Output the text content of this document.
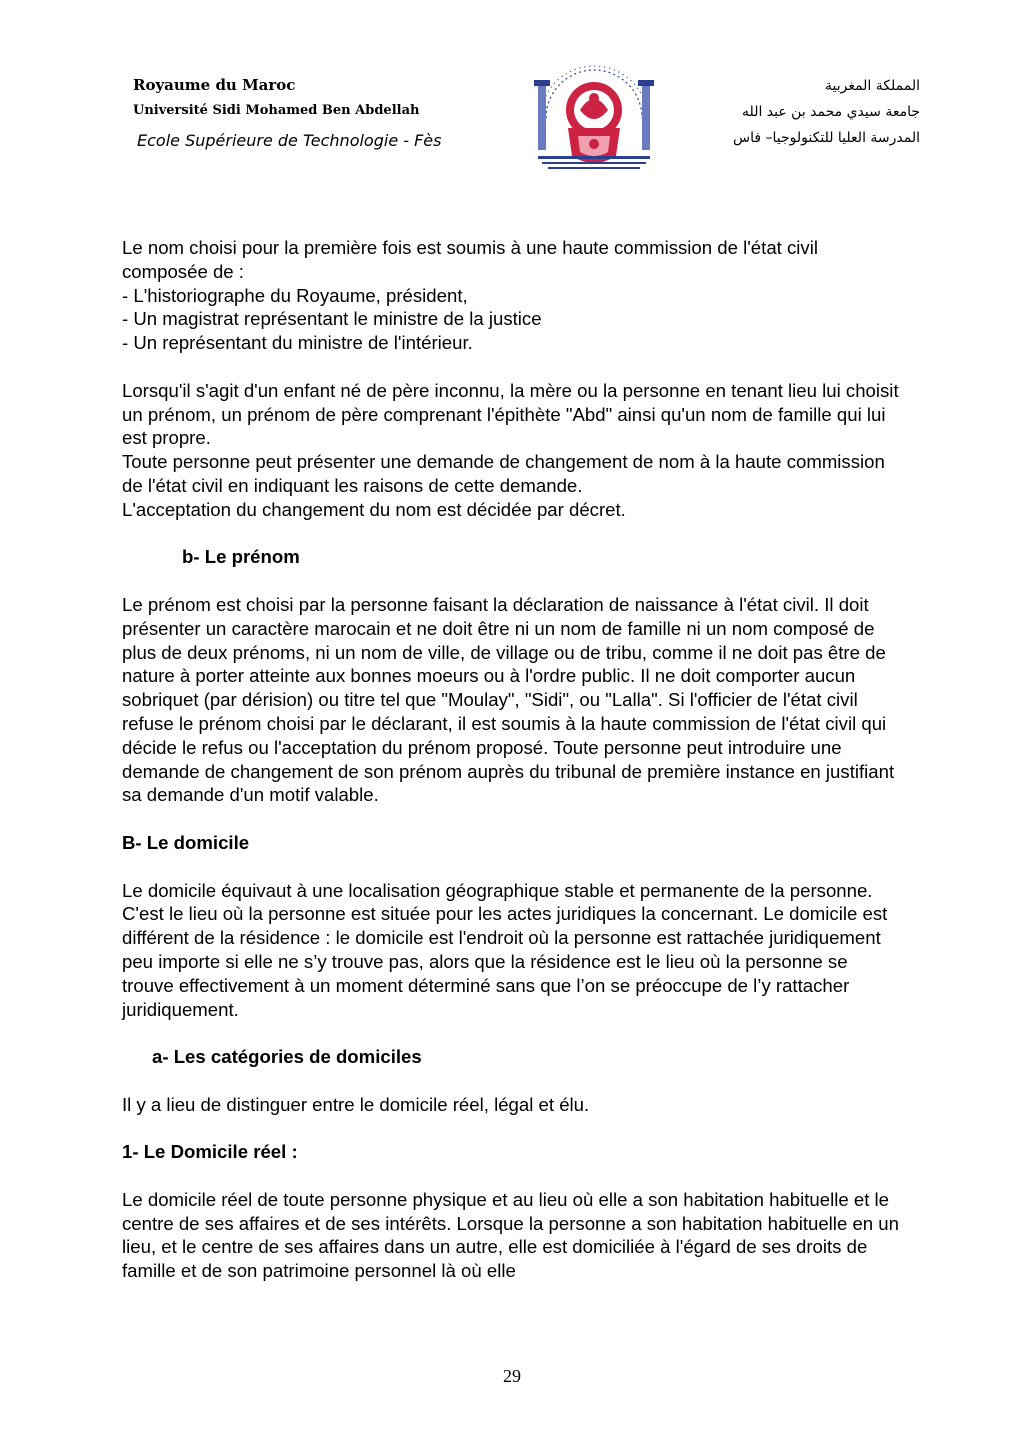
Royaume du Maroc
Université Sidi Mohamed Ben Abdellah
Ecole Supérieure de Technologie - Fès
المملكة المغربية
جامعة سيدي محمد بن عبد الله
المدرسة العليا للتكنولوجيا– فاس
Le nom choisi pour la première fois est soumis à une haute commission de l'état civil composée de :
- L'historiographe du Royaume, président,
- Un magistrat représentant le ministre de la justice
- Un représentant du ministre de l'intérieur.
Lorsqu'il s'agit d'un enfant né de père inconnu, la mère ou la personne en tenant lieu lui choisit un prénom, un prénom de père comprenant l'épithète "Abd" ainsi qu'un nom de famille qui lui est propre.
Toute personne peut présenter une demande de changement de nom à la haute commission de l'état civil en indiquant les raisons de cette demande.
L'acceptation du changement du nom est décidée par décret.
b- Le prénom

Le prénom est choisi par la personne faisant la déclaration de naissance à l'état civil. Il doit présenter un caractère marocain et ne doit être ni un nom de famille ni un nom composé de plus de deux prénoms, ni un nom de ville, de village ou de tribu, comme il ne doit pas être de nature à porter atteinte aux bonnes moeurs ou à l'ordre public. Il ne doit comporter aucun sobriquet (par dérision) ou titre tel que "Moulay", "Sidi", ou "Lalla". Si l'officier de l'état civil refuse le prénom choisi par le déclarant, il est soumis à la haute commission de l'état civil qui décide le refus ou l'acceptation du prénom proposé. Toute personne peut introduire une demande de changement de son prénom auprès du tribunal de première instance en justifiant sa demande d'un motif valable.

B- Le domicile

Le domicile équivaut à une localisation géographique stable et permanente de la personne. C'est le lieu où la personne est située pour les actes juridiques la concernant. Le domicile est différent de la résidence : le domicile est l'endroit où la personne est rattachée juridiquement peu importe si elle ne s’y trouve pas, alors que la résidence est le lieu où la personne se trouve effectivement à un moment déterminé sans que l’on se préoccupe de l’y rattacher juridiquement.

a- Les catégories de domiciles

Il y a lieu de distinguer entre le domicile réel, légal et élu.

1- Le Domicile réel :

Le domicile réel de toute personne physique et au lieu où elle a son habitation habituelle et le centre de ses affaires et de ses intérêts. Lorsque la personne a son habitation habituelle en un lieu, et le centre de ses affaires dans un autre, elle est domiciliée à l'égard de ses droits de famille et de son patrimoine personnel là où elle

29
